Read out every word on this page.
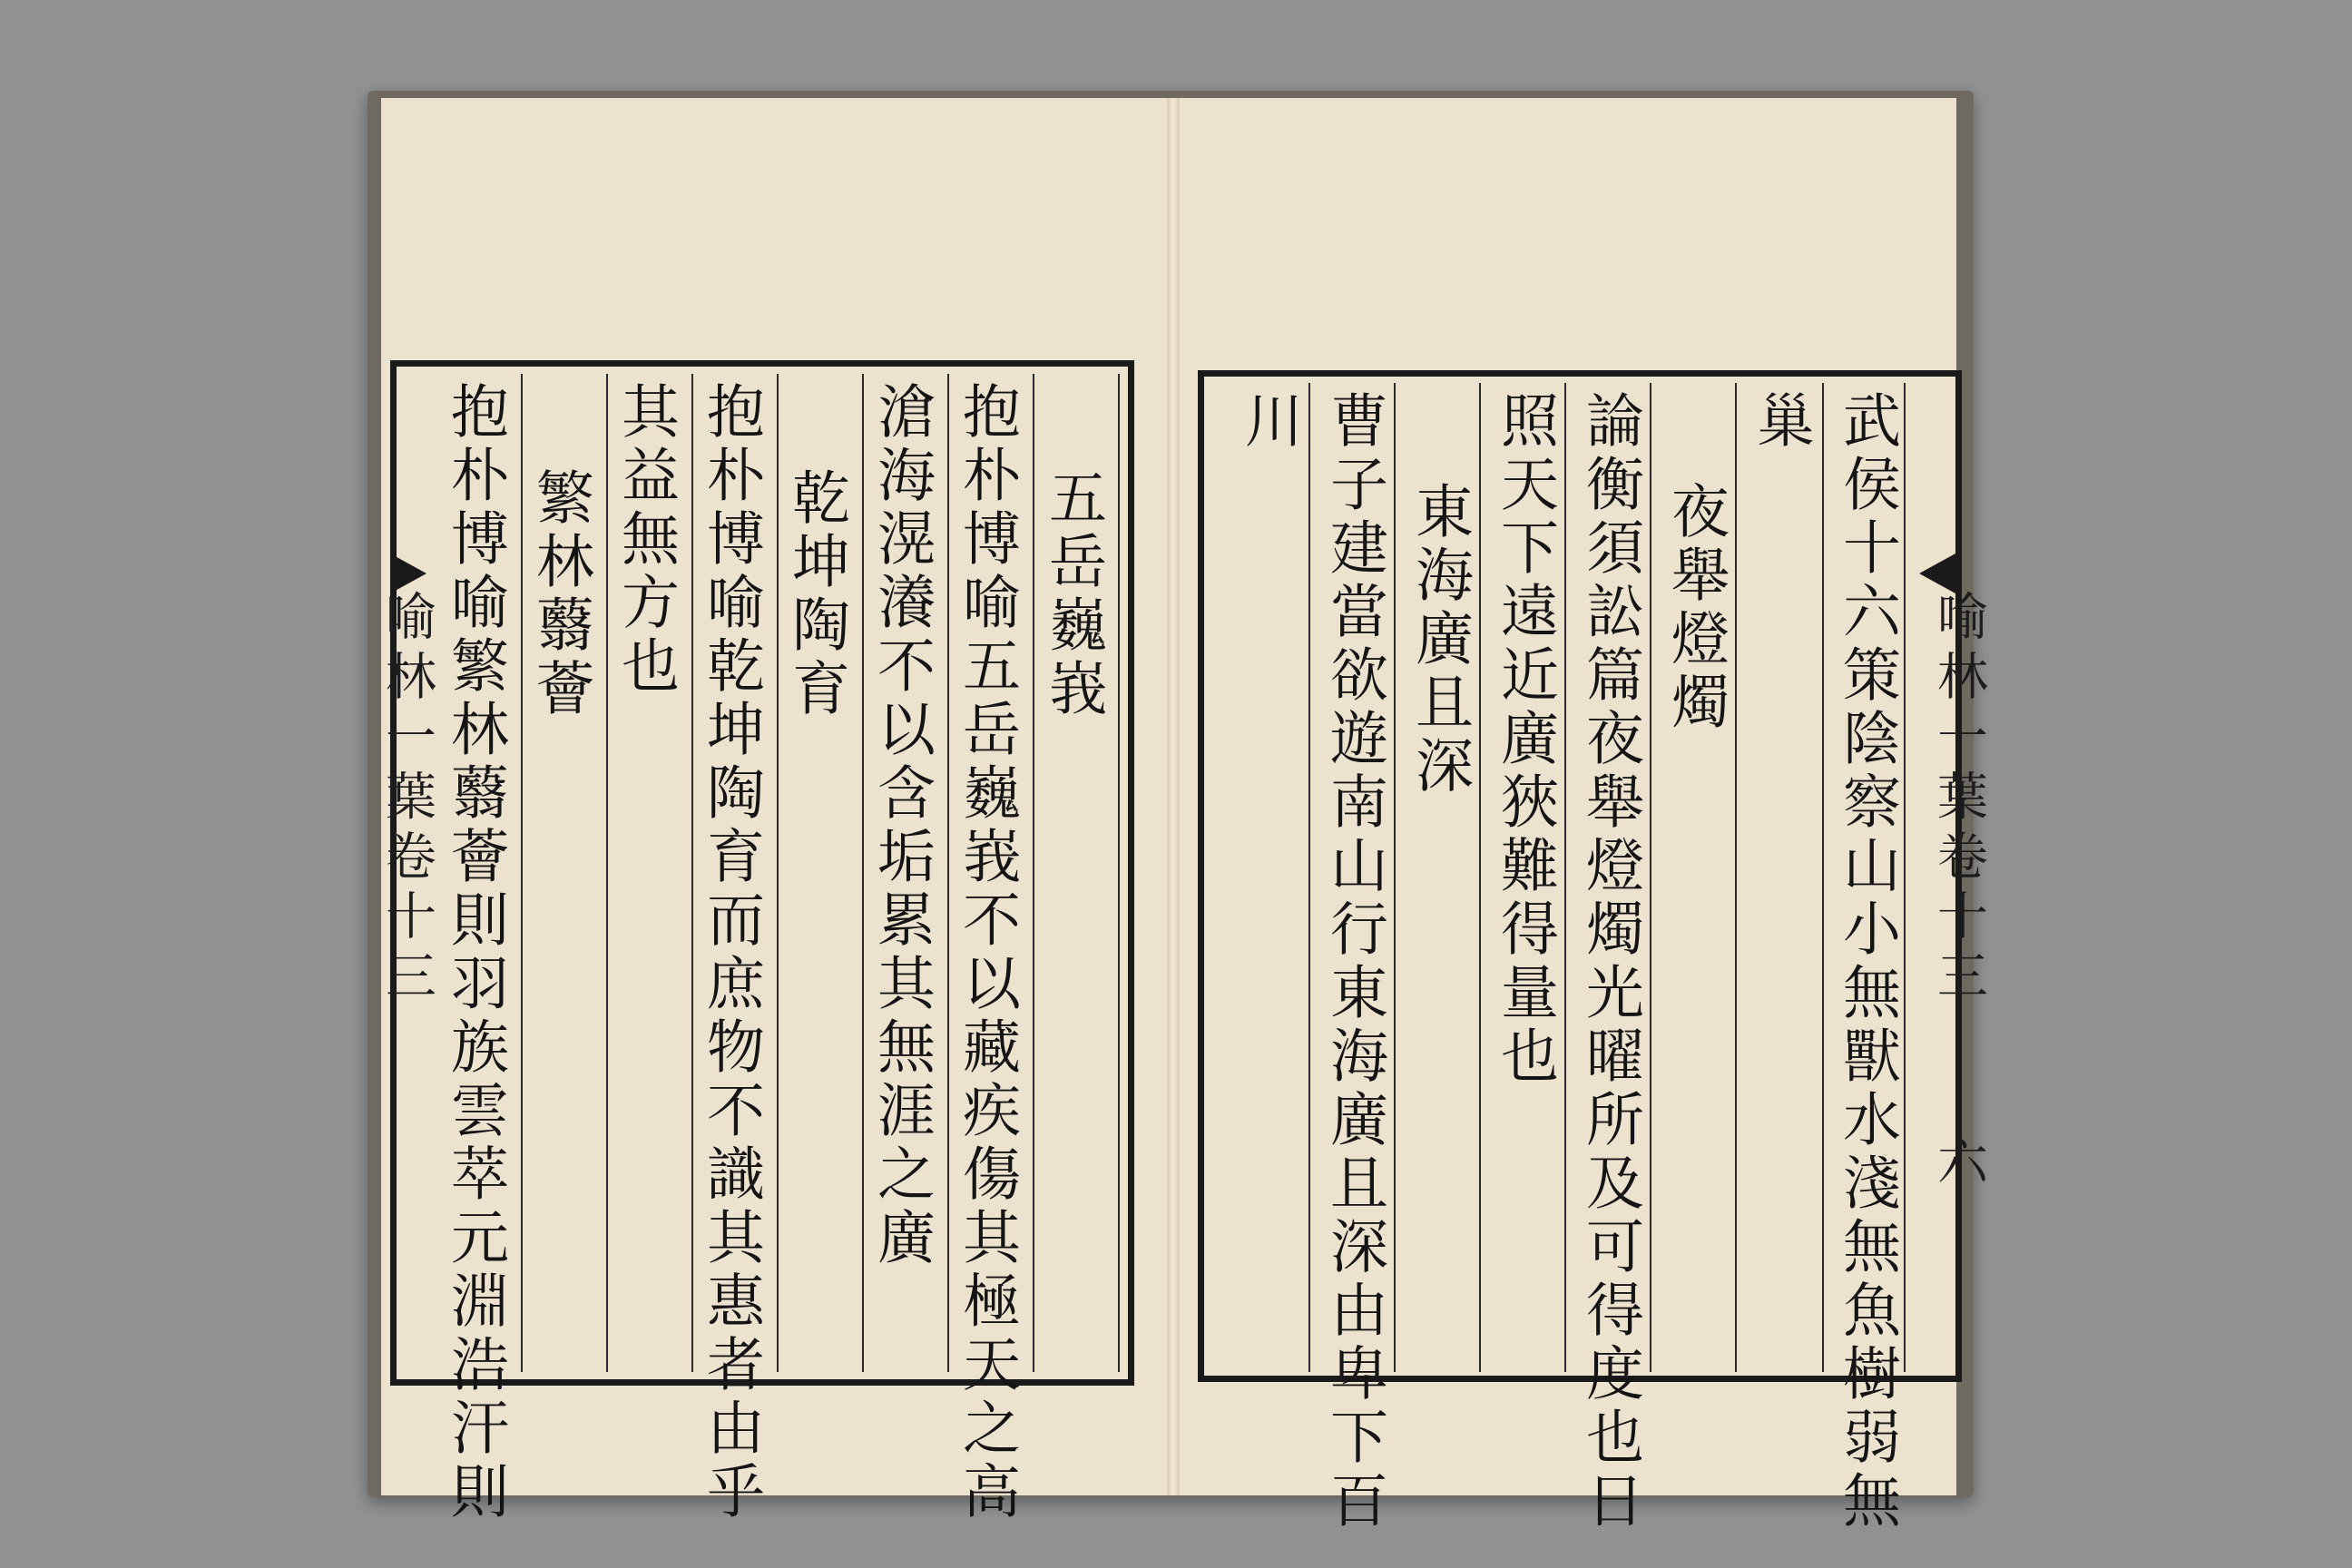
喻林一葉卷十三	五岳巍峩
抱朴博喻五岳巍峩不以藏疾傷其極天之高
滄海滉瀁不以含垢累其無涯之廣
乾坤陶育
抱朴博喻乾坤陶育而庶物不識其惠者由乎
其益無方也
繁林蘙薈
抱朴博喻繁林蘙薈則羽族雲萃元淵浩汗則	喻林一葉卷十三
六
武侯十六策陰察山小無獸水淺無魚樹弱無
巢
夜舉燈燭
論衡須訟篇夜舉燈燭光曜所及可得度也日
照天下遠近廣狹難得量也
東海廣且深
曹子建當欲遊南山行東海廣且深由卑下百
川
